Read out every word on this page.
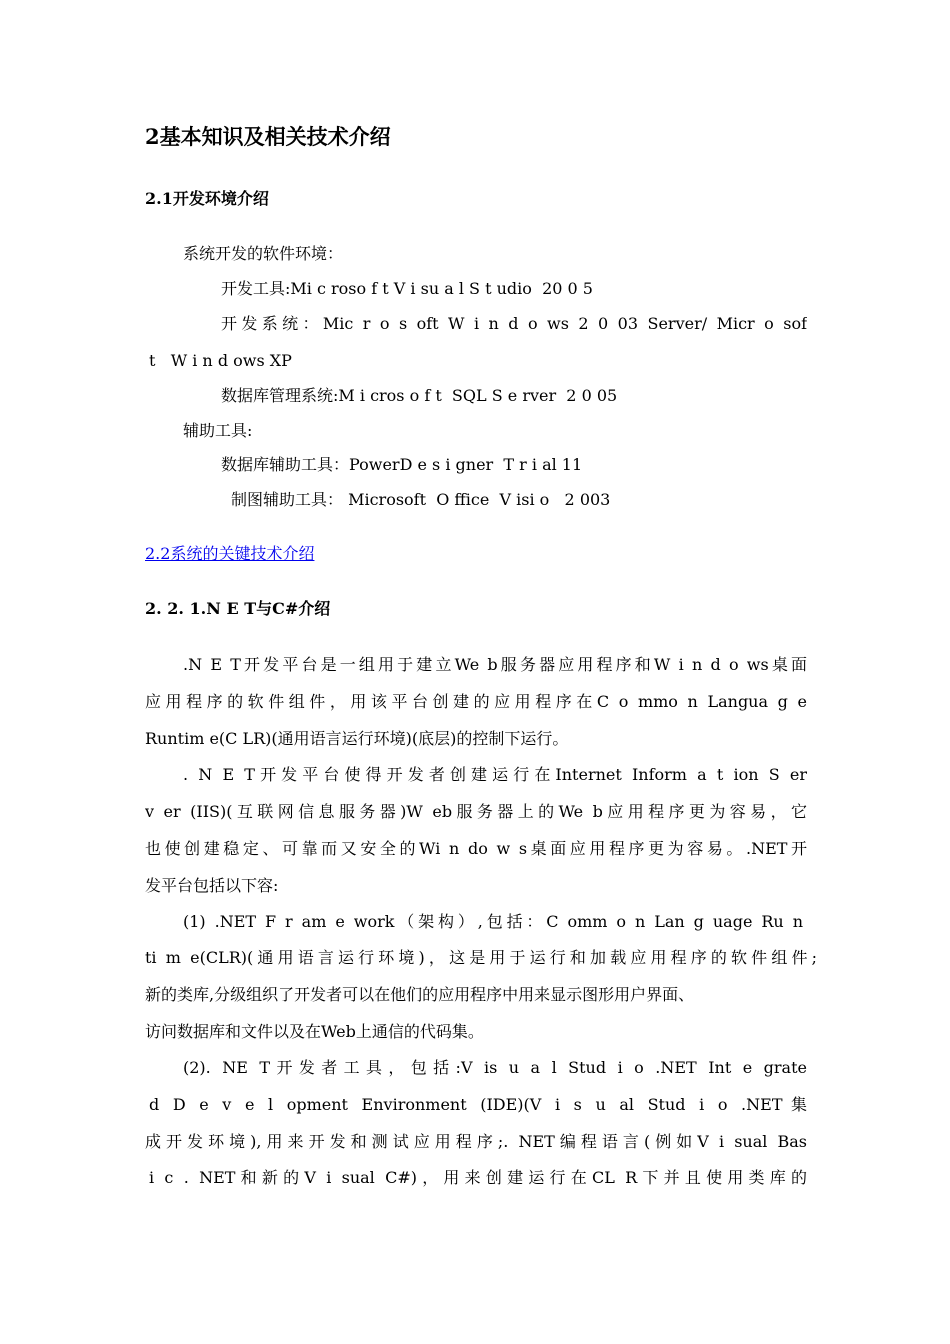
2基本知识及相关技术介绍
2.1开发环境介绍
系统开发的软件环境：
开发工具:Mi c roso f t V i su a l S t udio  20 0 5
开发系统：Mic r o s oft W i n d o ws 2 0 03 Server/ Micr o sof
t   W i n d ows XP
数据库管理系统:M i cros o f t  SQL S e rver  2 0 05
辅助工具:
数据库辅助工具：PowerD e s i gner  T r i al 11
制图辅助工具： Microsoft  O ffice  V isi o   2 003
2.2系统的关键技术介绍
2. 2. 1.N E T与C#介绍
.N E T开发平台是一组用于建立We b服务器应用程序和W i n d o ws桌面
应用程序的软件组件，用该平台创建的应用程序在C o mmo n Langua g e
Runtim e(C LR)(通用语言运行环境)(底层)的控制下运行。
. N E T开发平台使得开发者创建运行在Internet Inform a t ion S er
v er (IIS)(互联网信息服务器)W eb服务器上的We b应用程序更为容易，它
也使创建稳定、可靠而又安全的Wi n do w s桌面应用程序更为容易。.NET开
发平台包括以下容:
(1) .NET F r am e work（架构）,包括：C omm o n Lan g uage Ru n
ti m e(CLR)(通用语言运行环境)，这是用于运行和加载应用程序的软件组件;
新的类库,分级组织了开发者可以在他们的应用程序中用来显示图形用户界面、
访问数据库和文件以及在Web上通信的代码集。
(2). NE T开发者工具，包括:V is u a l Stud i o .NET Int e grate
d D e v e l opment Environment (IDE)(V i s u al Stud i o .NET集
成开发环境),用来开发和测试应用程序;. NET编程语言(例如V i sual Bas
i c . NET和新的V i sual C#)，用来创建运行在CL R下并且使用类库的
